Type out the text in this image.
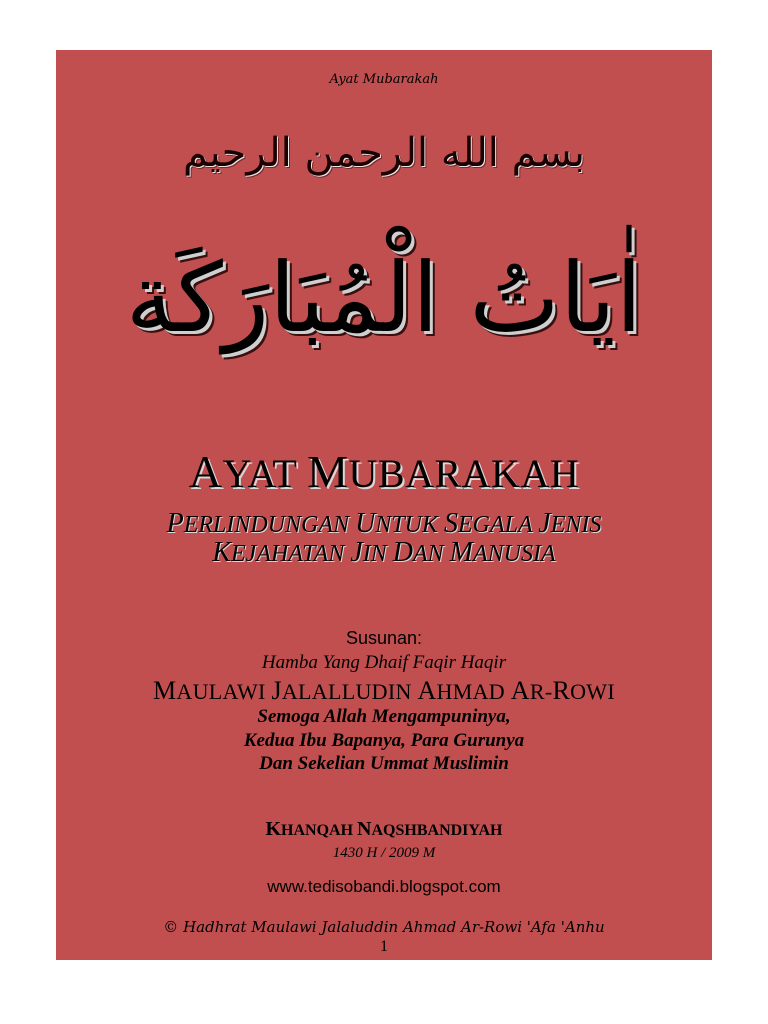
Ayat Mubarakah
بسم الله الرحمن الرحيم
اٰيَاتُ الْمُبَارَكَة
AYAT MUBARAKAH
PERLINDUNGAN UNTUK SEGALA JENIS
KEJAHATAN JIN DAN MANUSIA
Susunan:
Hamba Yang Dhaif Faqir Haqir
MAULAWI JALALLUDIN AHMAD AR-ROWI
Semoga Allah Mengampuninya,
Kedua Ibu Bapanya, Para Gurunya
Dan Sekelian Ummat Muslimin
KHANQAH NAQSHBANDIYAH
1430 H / 2009 M
www.tedisobandi.blogspot.com
© Hadhrat Maulawi Jalaluddin Ahmad Ar-Rowi 'Afa 'Anhu
1
